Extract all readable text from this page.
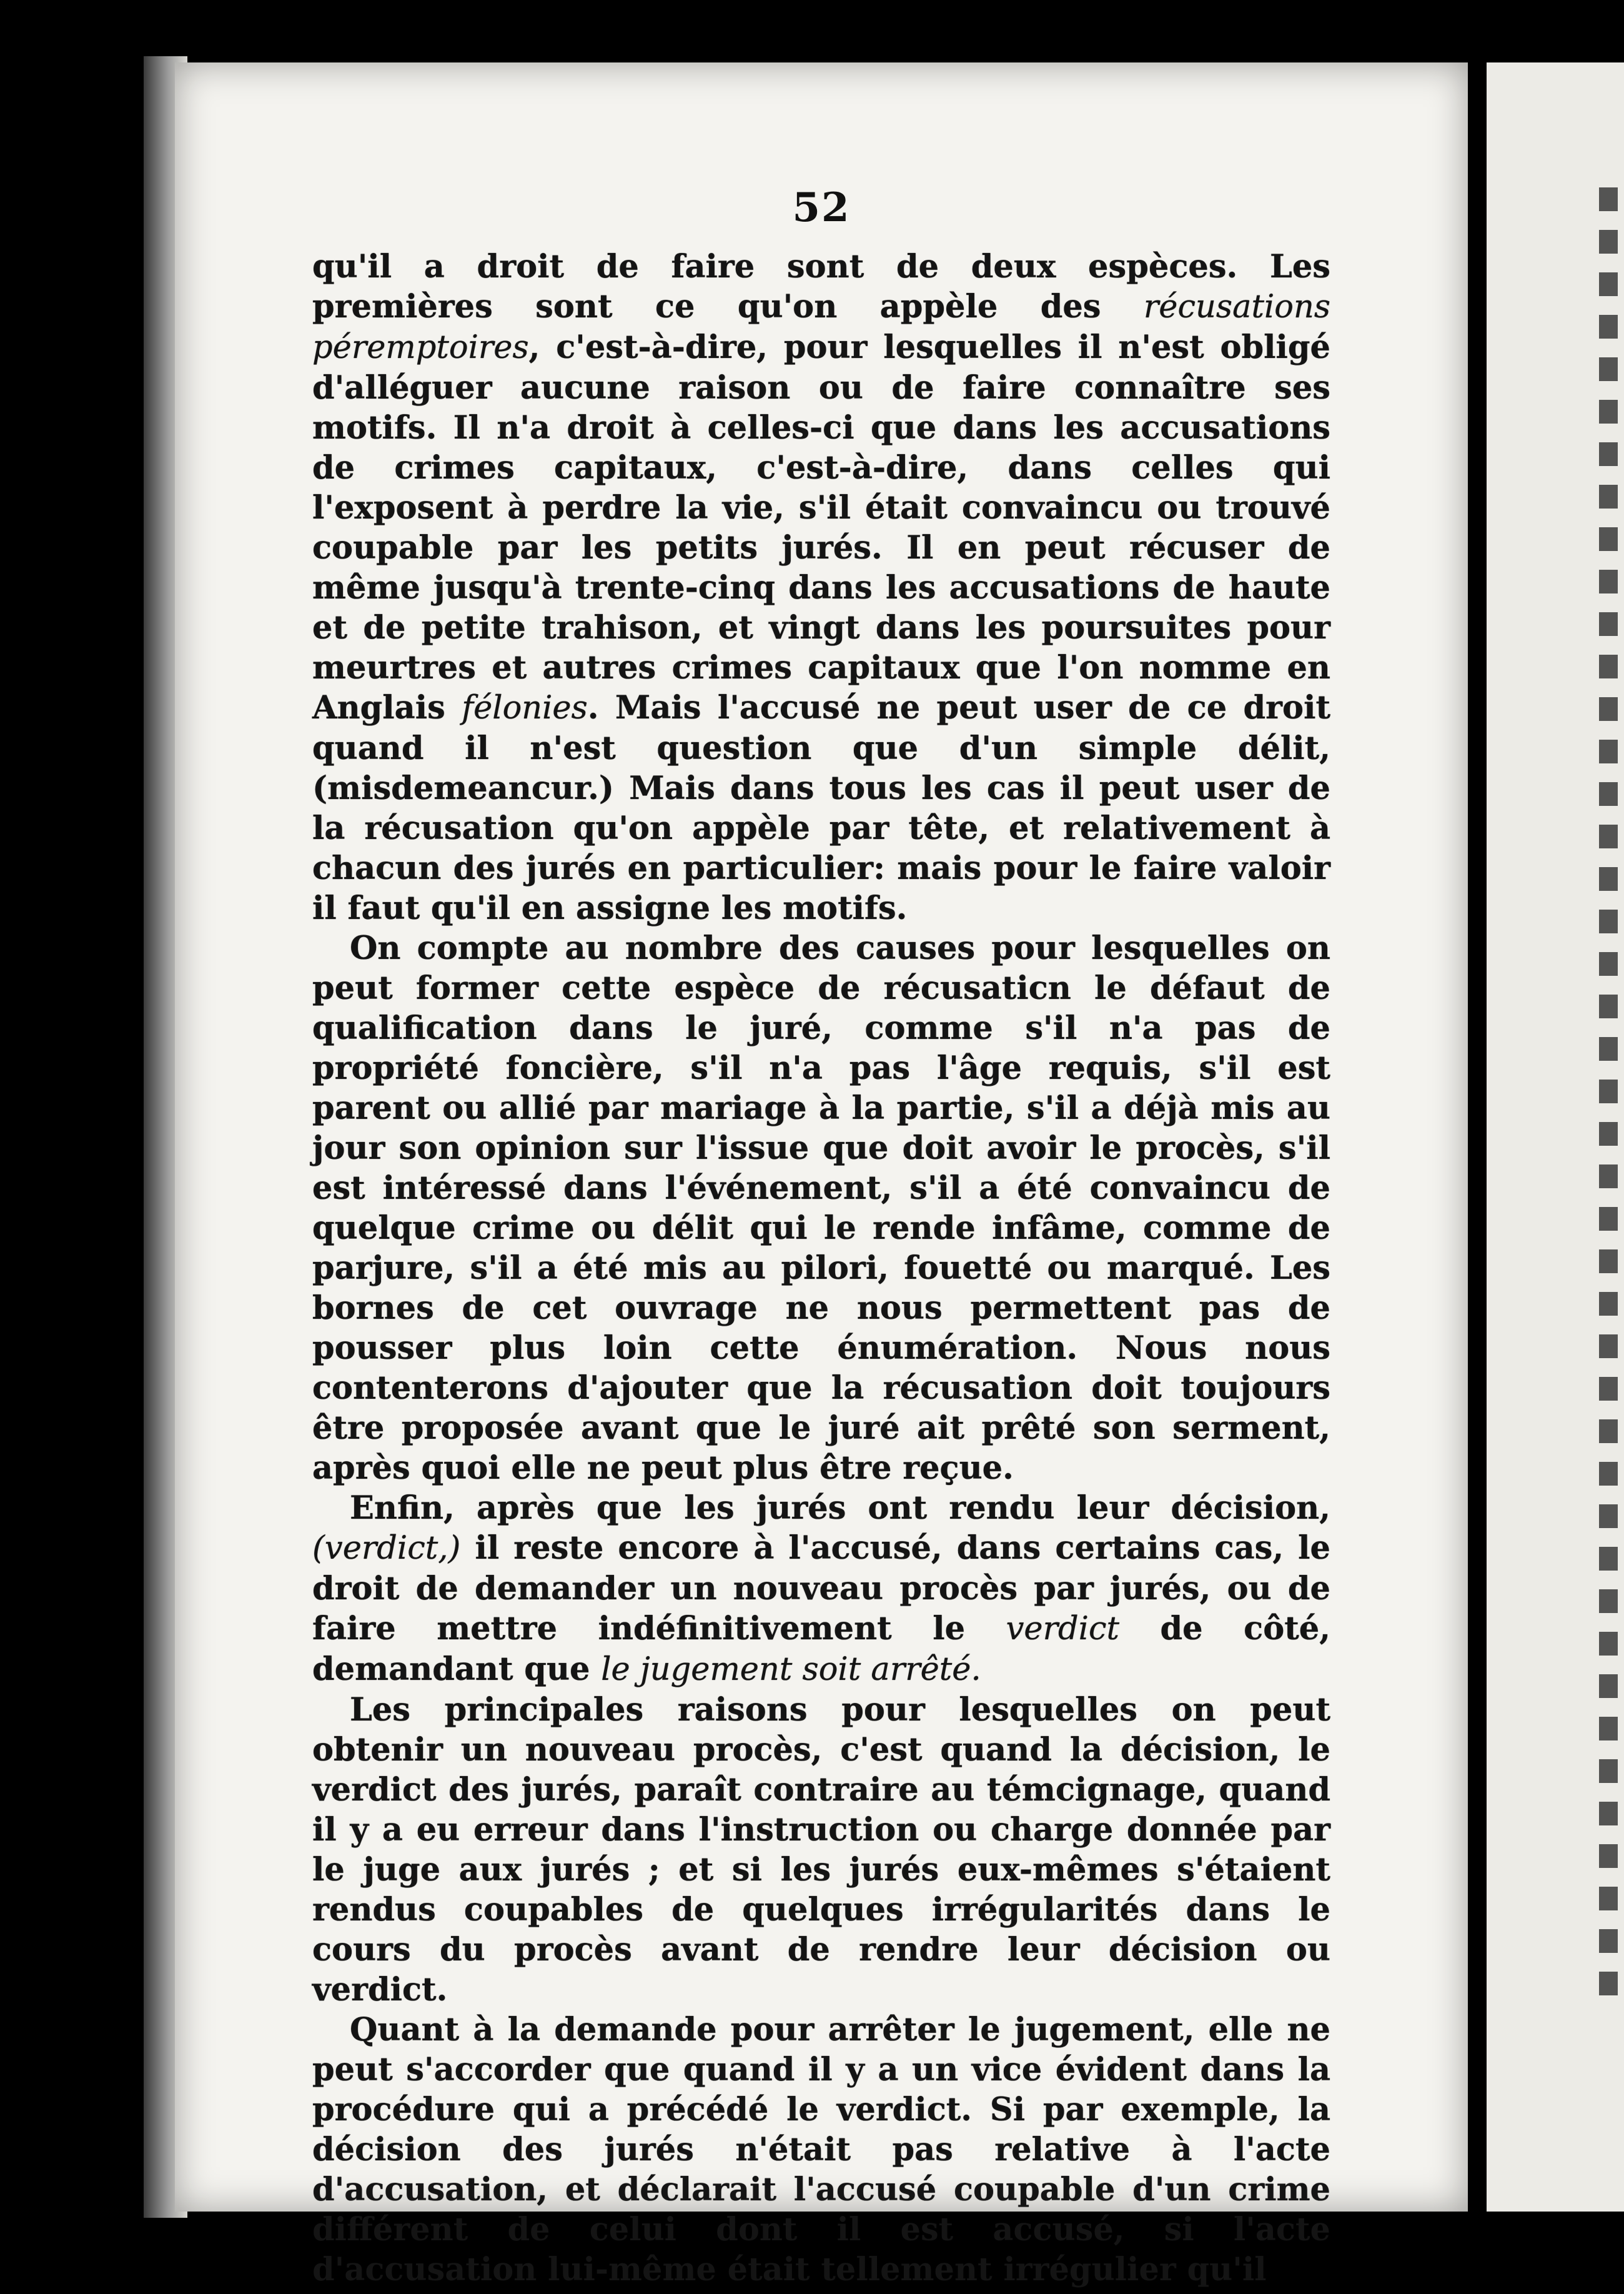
52

qu'il a droit de faire sont de deux espèces. Les premières sont ce qu'on appèle des récusations péremptoires, c'est-à-dire, pour lesquelles il n'est obligé d'alléguer aucune raison ou de faire connaître ses motifs. Il n'a droit à celles-ci que dans les accusations de crimes capitaux, c'est-à-dire, dans celles qui l'exposent à perdre la vie, s'il était convaincu ou trouvé coupable par les petits jurés. Il en peut récuser de même jusqu'à trente-cinq dans les accusations de haute et de petite trahison, et vingt dans les poursuites pour meurtres et autres crimes capitaux que l'on nomme en Anglais félonies. Mais l'accusé ne peut user de ce droit quand il n'est question que d'un simple délit, (misdemeancur.) Mais dans tous les cas il peut user de la récusation qu'on appèle par tête, et relativement à chacun des jurés en particulier: mais pour le faire valoir il faut qu'il en assigne les motifs.

On compte au nombre des causes pour lesquelles on peut former cette espèce de récusaticn le défaut de qualification dans le juré, comme s'il n'a pas de propriété foncière, s'il n'a pas l'âge requis, s'il est parent ou allié par mariage à la partie, s'il a déjà mis au jour son opinion sur l'issue que doit avoir le procès, s'il est intéressé dans l'événement, s'il a été convaincu de quelque crime ou délit qui le rende infâme, comme de parjure, s'il a été mis au pilori, fouetté ou marqué. Les bornes de cet ouvrage ne nous permettent pas de pousser plus loin cette énumération. Nous nous contenterons d'ajouter que la récusation doit toujours être proposée avant que le juré ait prêté son serment, après quoi elle ne peut plus être reçue.

Enfin, après que les jurés ont rendu leur décision, (verdict,) il reste encore à l'accusé, dans certains cas, le droit de demander un nouveau procès par jurés, ou de faire mettre indéfinitivement le verdict de côté, demandant que le jugement soit arrêté.

Les principales raisons pour lesquelles on peut obtenir un nouveau procès, c'est quand la décision, le verdict des jurés, paraît contraire au témcignage, quand il y a eu erreur dans l'instruction ou charge donnée par le juge aux jurés ; et si les jurés eux-mêmes s'étaient rendus coupables de quelques irrégularités dans le cours du procès avant de rendre leur décision ou verdict.

Quant à la demande pour arrêter le jugement, elle ne peut s'accorder que quand il y a un vice évident dans la procédure qui a précédé le verdict. Si par exemple, la décision des jurés n'était pas relative à l'acte d'accusation, et déclarait l'accusé coupable d'un crime différent de celui dont il est accusé, si l'acte d'accusation lui-même était tellement irrégulier qu'il
